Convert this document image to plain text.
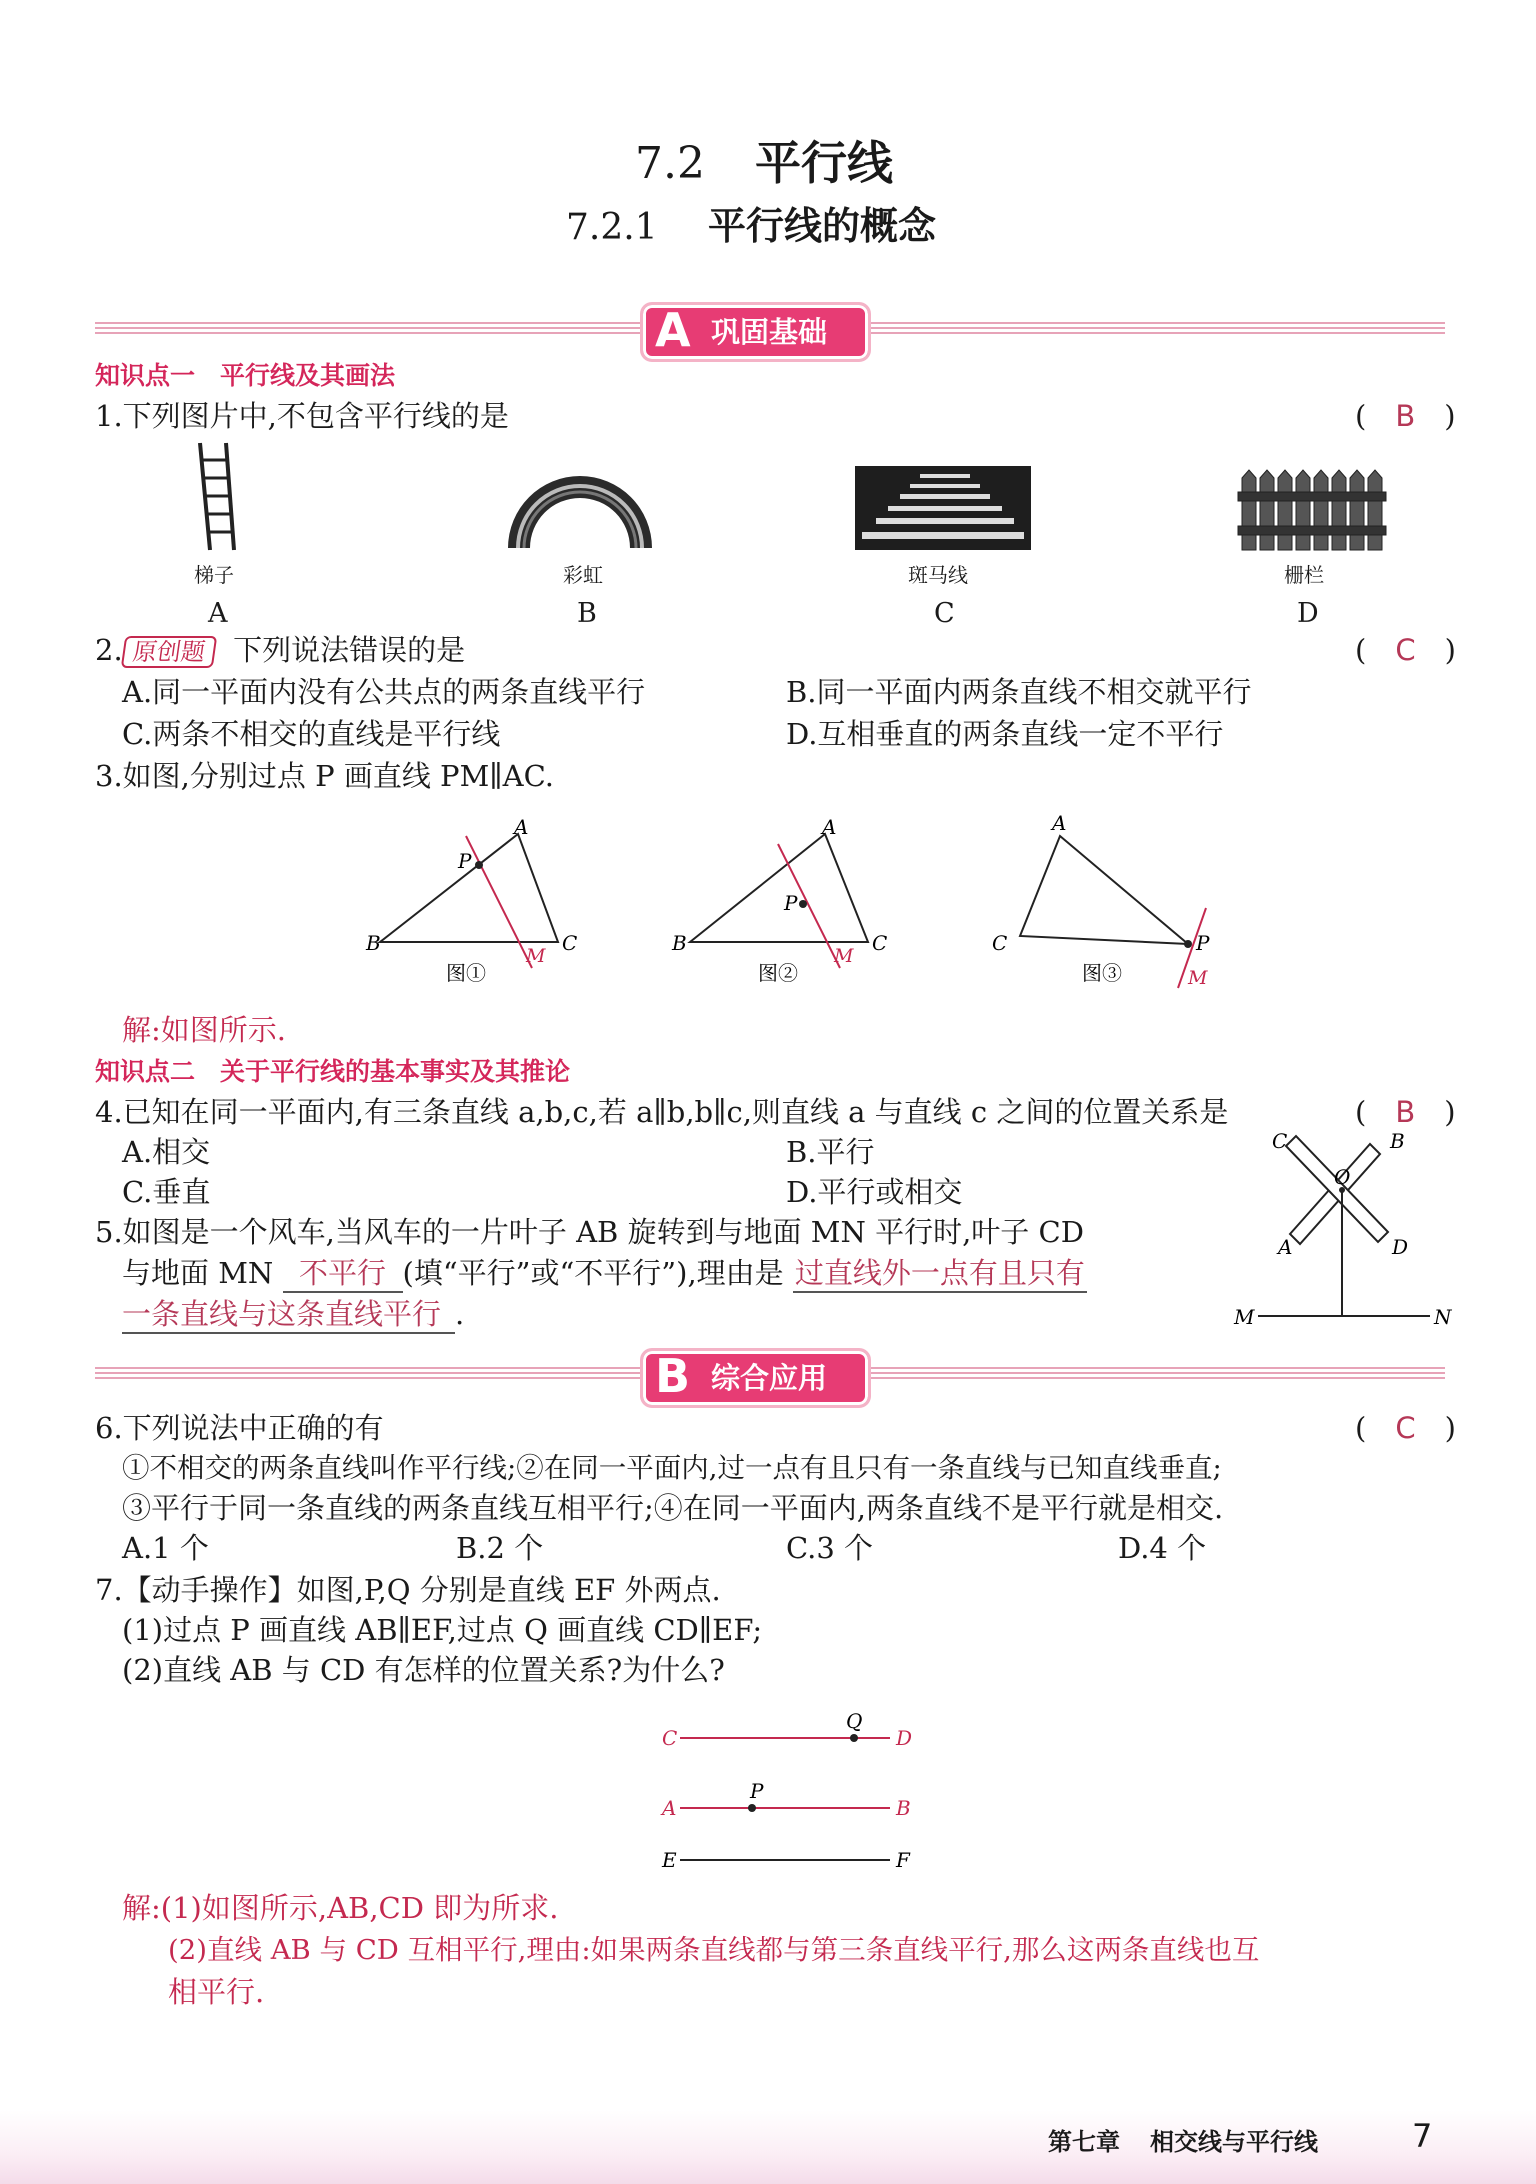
7.2 平行线
7.2.1 平行线的概念
A 巩固基础
知识点一　平行线及其画法
1.下列图片中,不包含平行线的是	(　B　)
梯子	彩虹	斑马线	栅栏
A	B	C	D
2. 原创题 下列说法错误的是	(　C　)
A.同一平面内没有公共点的两条直线平行	B.同一平面内两条直线不相交就平行
C.两条不相交的直线是平行线	D.互相垂直的两条直线一定不平行
3.如图,分别过点 P 画直线 PM∥AC.
B
A
C
P
M
图①
B
A
C
P
M
图②
C
A
P
M
图③
解:如图所示.
知识点二　关于平行线的基本事实及其推论
4.已知在同一平面内,有三条直线 a,b,c,若 a∥b,b∥c,则直线 a 与直线 c 之间的位置关系是	(　B　)
A.相交	B.平行
C.垂直	D.平行或相交
C	B
O
A	D
M	N
5.如图是一个风车,当风车的一片叶子 AB 旋转到与地面 MN 平行时,叶子 CD
与地面 MN 不平行 (填“平行”或“不平行”),理由是 过直线外一点有且只有
一条直线与这条直线平行 .
B 综合应用
6.下列说法中正确的有	(　C　)
①不相交的两条直线叫作平行线;②在同一平面内,过一点有且只有一条直线与已知直线垂直;
③平行于同一条直线的两条直线互相平行;④在同一平面内,两条直线不是平行就是相交.
A.1 个	B.2 个	C.3 个	D.4 个
7.【动手操作】如图,P,Q 分别是直线 EF 外两点.
(1)过点 P 画直线 AB∥EF,过点 Q 画直线 CD∥EF;
(2)直线 AB 与 CD 有怎样的位置关系?为什么?
C
Q
D
A
P
B
E	F
解:(1)如图所示,AB,CD 即为所求.
(2)直线 AB 与 CD 互相平行,理由:如果两条直线都与第三条直线平行,那么这两条直线也互
相平行.
第七章 相交线与平行线	7
